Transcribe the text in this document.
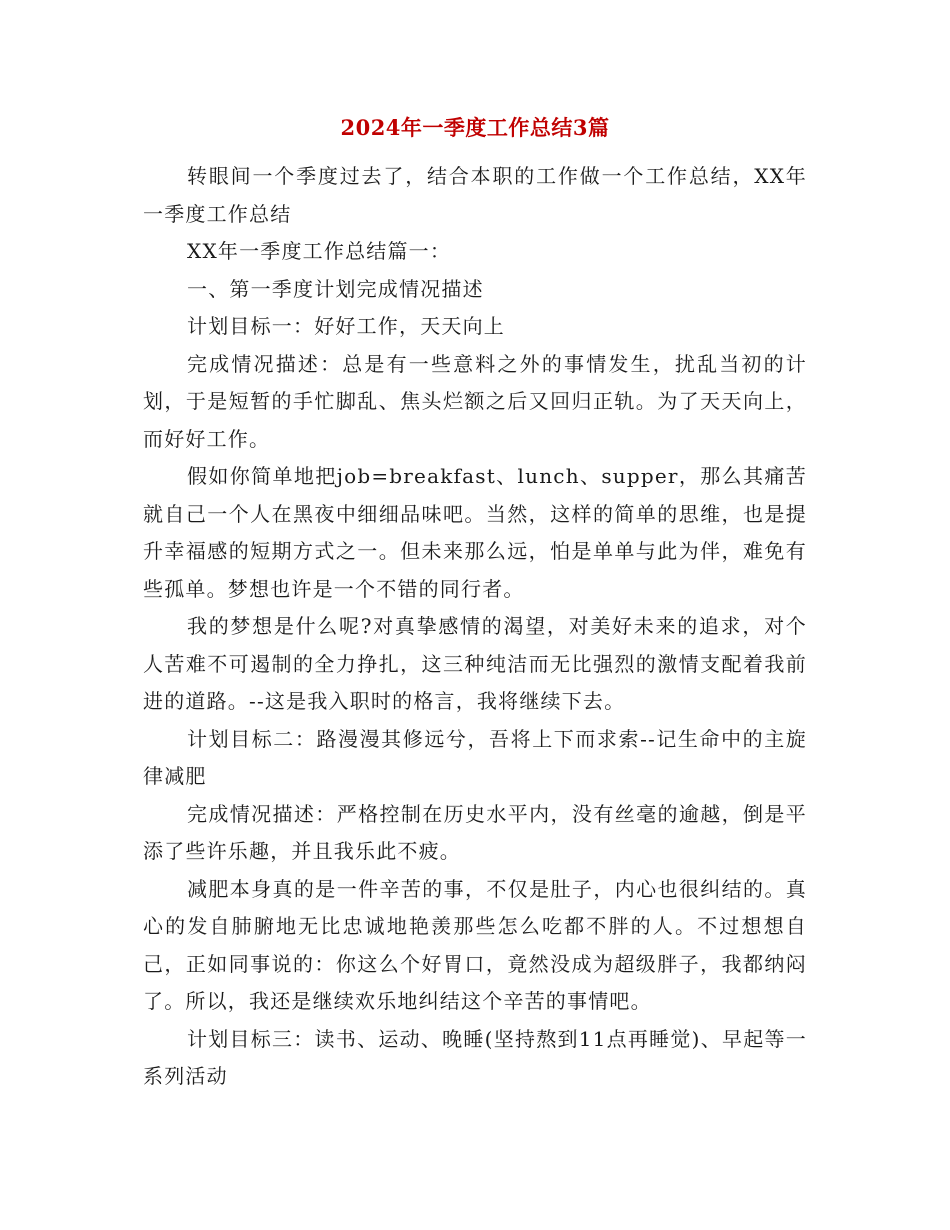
2024年一季度工作总结3篇

转眼间一个季度过去了，结合本职的工作做一个工作总结，XX年一季度工作总结

XX年一季度工作总结篇一：

一、第一季度计划完成情况描述

计划目标一：好好工作，天天向上

完成情况描述：总是有一些意料之外的事情发生，扰乱当初的计划，于是短暂的手忙脚乱、焦头烂额之后又回归正轨。为了天天向上，而好好工作。

假如你简单地把job=breakfast、lunch、supper，那么其痛苦就自己一个人在黑夜中细细品味吧。当然，这样的简单的思维，也是提升幸福感的短期方式之一。但未来那么远，怕是单单与此为伴，难免有些孤单。梦想也许是一个不错的同行者。

我的梦想是什么呢?对真挚感情的渴望，对美好未来的追求，对个人苦难不可遏制的全力挣扎，这三种纯洁而无比强烈的激情支配着我前进的道路。--这是我入职时的格言，我将继续下去。

计划目标二：路漫漫其修远兮，吾将上下而求索--记生命中的主旋律减肥

完成情况描述：严格控制在历史水平内，没有丝毫的逾越，倒是平添了些许乐趣，并且我乐此不疲。

减肥本身真的是一件辛苦的事，不仅是肚子，内心也很纠结的。真心的发自肺腑地无比忠诚地艳羡那些怎么吃都不胖的人。不过想想自己，正如同事说的：你这么个好胃口，竟然没成为超级胖子，我都纳闷了。所以，我还是继续欢乐地纠结这个辛苦的事情吧。

计划目标三：读书、运动、晚睡(坚持熬到11点再睡觉)、早起等一系列活动
